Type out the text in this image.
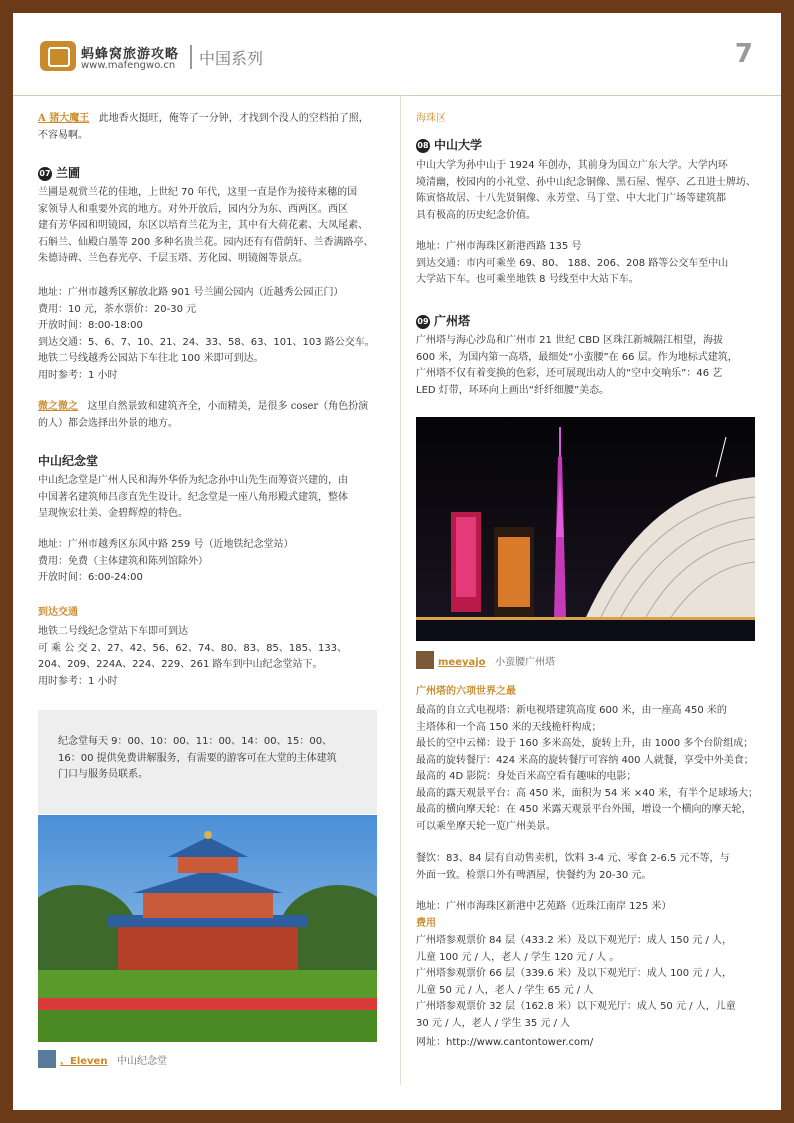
蚂蜂窝旅游攻略
www.mafengwo.cn 中国系列	7
A 猪大魔王 此地香火挺旺，俺等了一分钟，才找到个没人的空档拍了照，
不容易啊。
07 兰圃
兰圃是观赏兰花的佳地，上世纪 70 年代，这里一直是作为接待来穗的国
家领导人和重要外宾的地方。对外开放后，园内分为东、西两区。西区
建有芳华园和明镜园，东区以培育兰花为主，其中有大荷花素、大凤尾素、
石斛兰、仙殿白墨等 200 多种名贵兰花。园内还有有借荫轩、兰香满路亭、
朱德诗碑、兰色春光亭、千层玉塔、芳化园、明镜阁等景点。
地址：广州市越秀区解放北路 901 号兰圃公园内（近越秀公园正门）
费用：10 元，茶水票价：20-30 元
开放时间：8:00-18:00
到达交通：5、6、7、10、21、24、33、58、63、101、103 路公交车。
地铁二号线越秀公园站下车往北 100 米即可到达。
用时参考：1 小时
微之微之 这里自然景致和建筑齐全，小而精美，是很多 coser（角色扮演
的人）都会选择出外景的地方。
中山纪念堂
中山纪念堂是广州人民和海外华侨为纪念孙中山先生而筹资兴建的，由
中国著名建筑师吕彦直先生设计。纪念堂是一座八角形殿式建筑，整体
呈现恢宏壮美、金碧辉煌的特色。
地址：广州市越秀区东风中路 259 号（近地铁纪念堂站）
费用：免费（主体建筑和陈列馆除外）
开放时间：6:00-24:00
到达交通
地铁二号线纪念堂站下车即可到达
可 乘 公 交 2、27、42、56、62、74、80、83、85、185、133、
204、209、224A、224、229、261 路车到中山纪念堂站下。
用时参考：1 小时
纪念堂每天 9：00、10：00、11：00、14：00、15：00、
16：00 提供免费讲解服务，有需要的游客可在大堂的主体建筑
门口与服务员联系。
、Eleven 中山纪念堂
海珠区
08 中山大学
中山大学为孙中山于 1924 年创办，其前身为国立广东大学。大学内环
境清幽，校园内的小礼堂、孙中山纪念铜像、黑石屋、惺亭、乙丑进士牌坊、
陈寅恪故居、十八先贤铜像、永芳堂、马丁堂、中大北门广场等建筑都
具有极高的历史纪念价值。
地址：广州市海珠区新港西路 135 号
到达交通：市内可乘坐 69、80、 188、206、208 路等公交车至中山
大学站下车。也可乘坐地铁 8 号线至中大站下车。
09 广州塔
广州塔与海心沙岛和广州市 21 世纪 CBD 区珠江新城隔江相望，海拔
600 米，为国内第一高塔，最细处“小蛮腰”在 66 层。作为地标式建筑，
广州塔不仅有着变换的色彩，还可展现出动人的“空中交响乐”：46 艺
LED 灯带，环环向上画出“纤纤细腰”美态。
meeyajo 小蛮腰广州塔
广州塔的六项世界之最
最高的自立式电视塔：新电视塔建筑高度 600 米，由一座高 450 米的
主塔体和一个高 150 米的天线桅杆构成；
最长的空中云梯：设于 160 多米高处，旋转上升，由 1000 多个台阶组成；
最高的旋转餐厅：424 米高的旋转餐厅可容纳 400 人就餐，享受中外美食；
最高的 4D 影院：身处百米高空看有趣味的电影；
最高的露天观景平台：高 450 米，面积为 54 米 ×40 米，有半个足球场大；
最高的横向摩天轮：在 450 米露天观景平台外围，增设一个横向的摩天轮，
可以乘坐摩天轮一览广州美景。
餐饮：83、84 层有自动售卖机，饮料 3-4 元、零食 2-6.5 元不等，与
外面一致。检票口外有啤酒屋，快餐约为 20-30 元。
地址：广州市海珠区新港中艺苑路（近珠江南岸 125 米）
费用
广州塔参观票价 84 层（433.2 米）及以下观光厅：成人 150 元 / 人，
儿童 100 元 / 人，老人 / 学生 120 元 / 人 。
广州塔参观票价 66 层（339.6 米）及以下观光厅：成人 100 元 / 人，
儿童 50 元 / 人，老人 / 学生 65 元 / 人
广州塔参观票价 32 层（162.8 米）以下观光厅：成人 50 元 / 人，儿童
30 元 / 人，老人 / 学生 35 元 / 人
网址：http://www.cantontower.com/
